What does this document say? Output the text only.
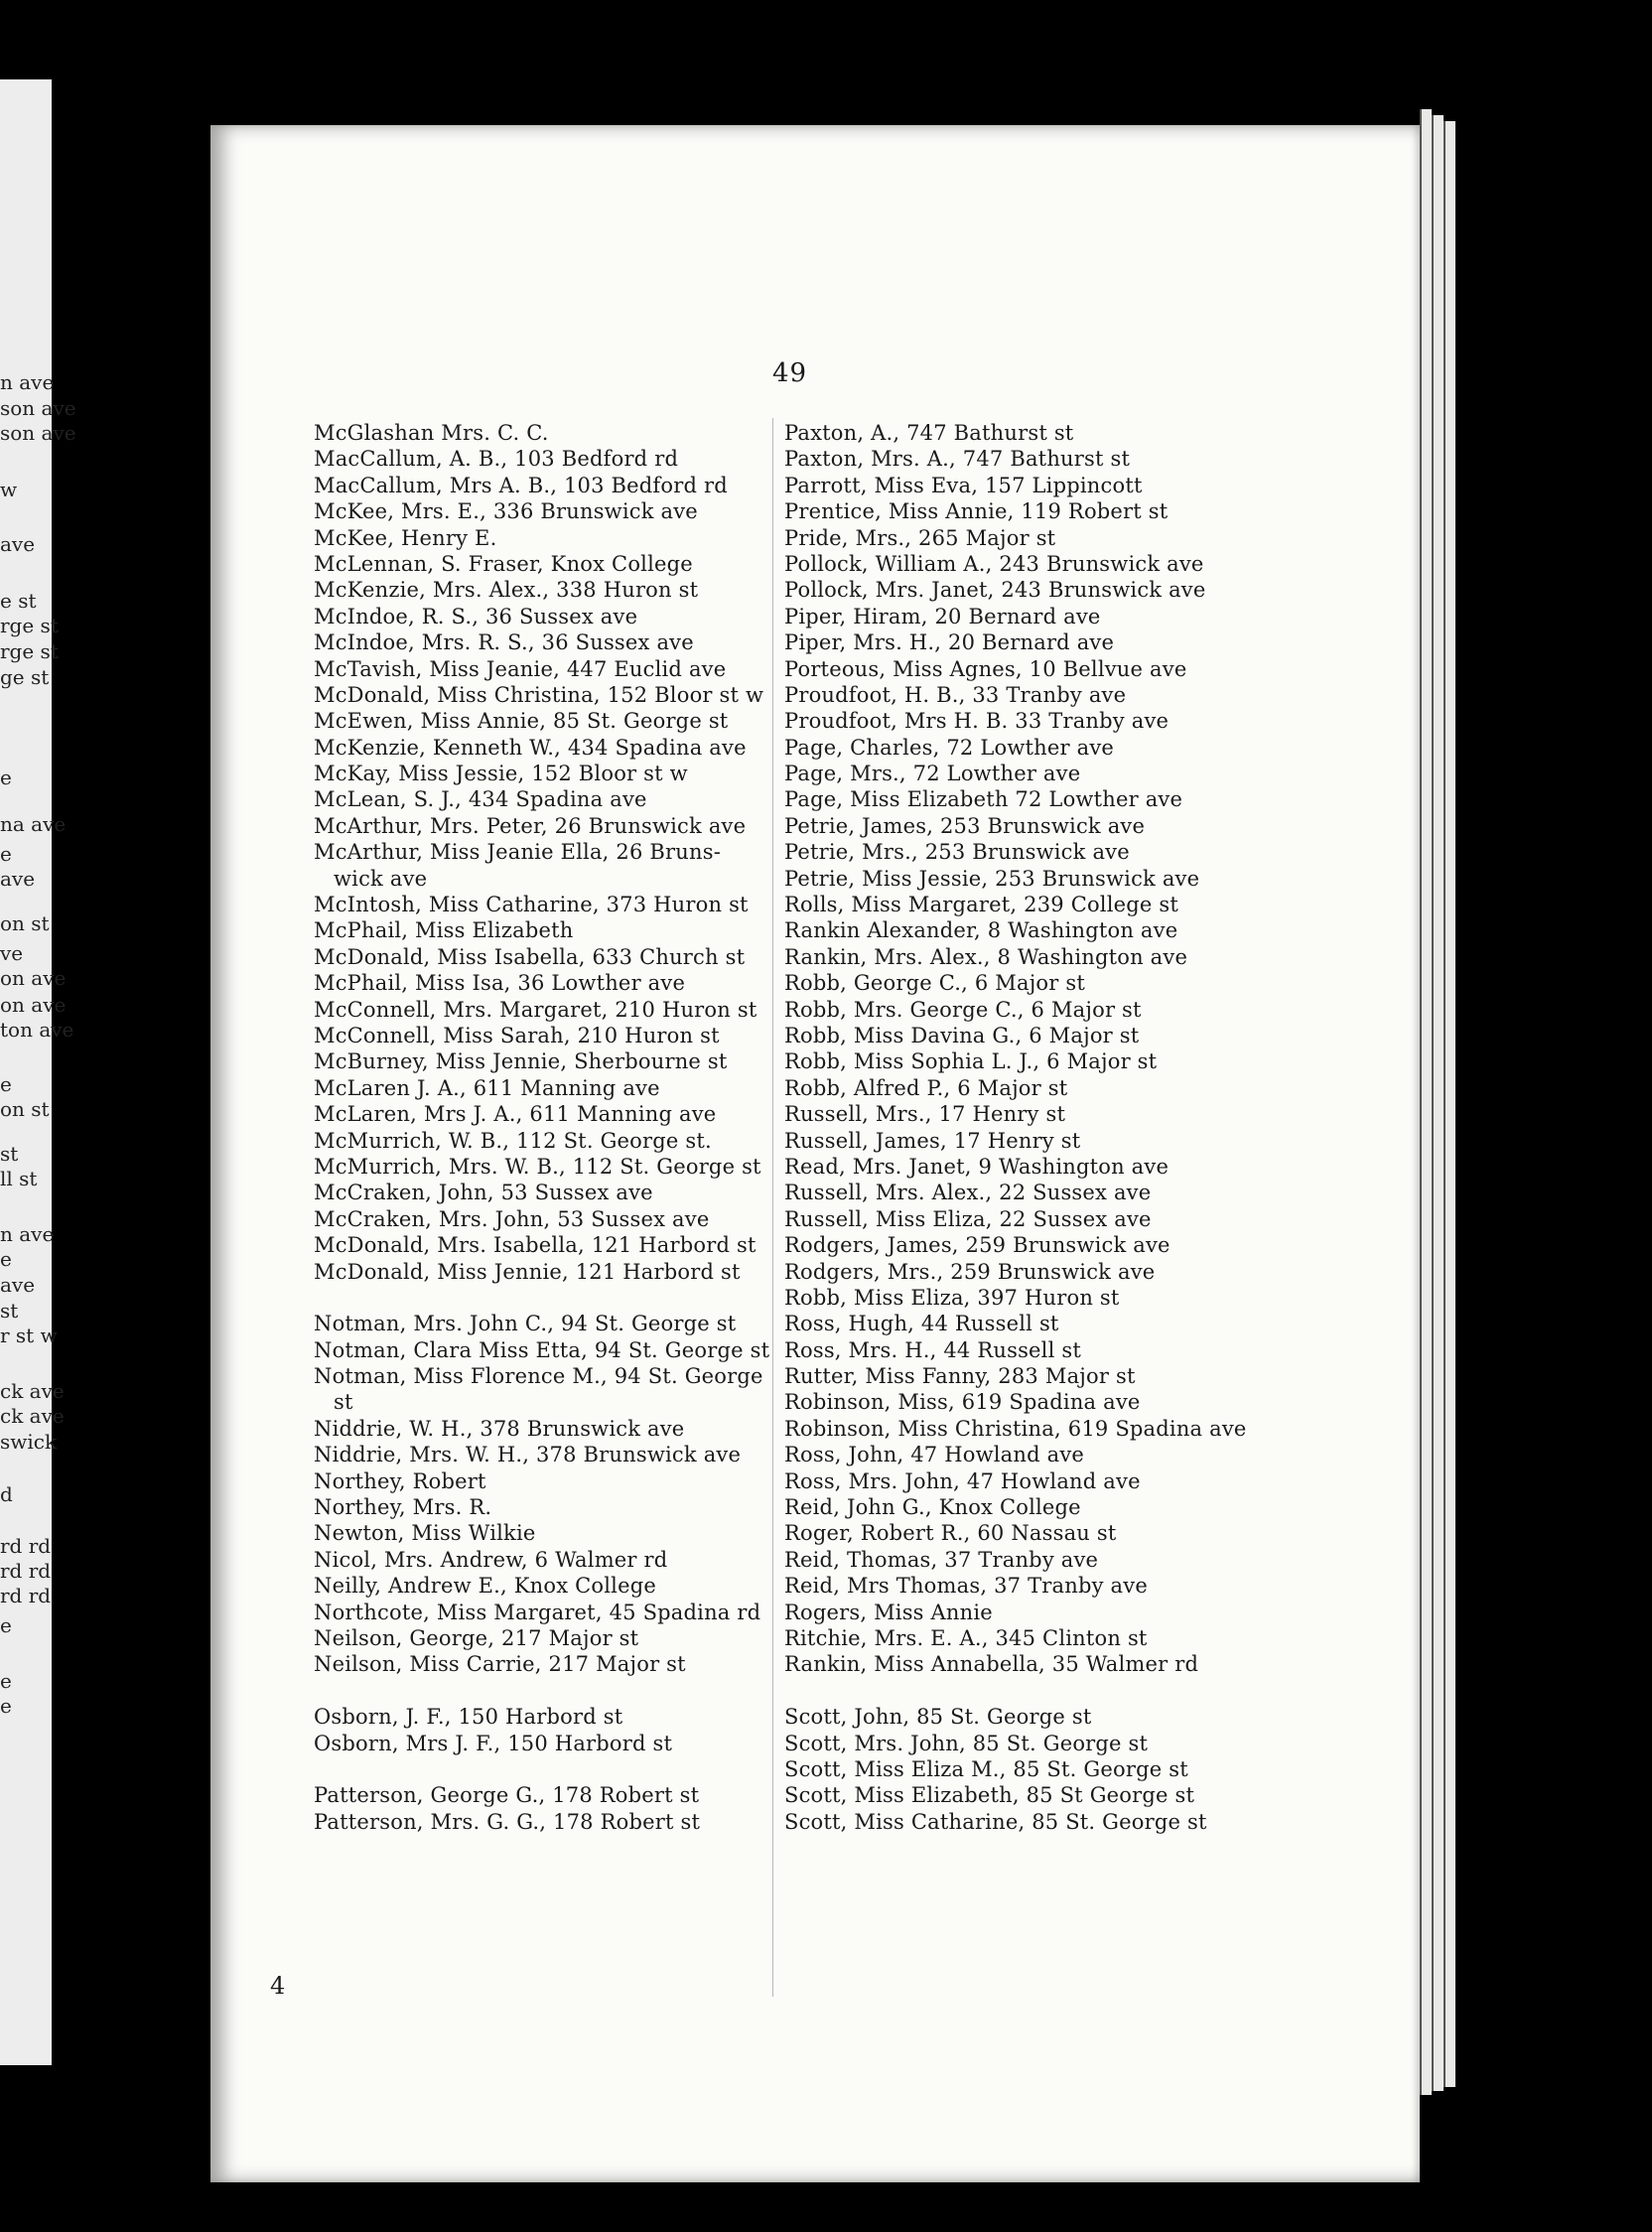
n ave
son ave
son ave
w
ave
e st
rge st
rge st
ge st
e
na ave
e
ave
on st
ve
on ave
on ave
ton ave
e
on st
st
ll st
n ave
e
ave
st
r st w
ck ave
ck ave
swick
d
rd rd
rd rd
rd rd
e
e
e
49
McGlashan Mrs. C. C.
MacCallum, A. B., 103 Bedford rd
MacCallum, Mrs A. B., 103 Bedford rd
McKee, Mrs. E., 336 Brunswick ave
McKee, Henry E.
McLennan, S. Fraser, Knox College
McKenzie, Mrs. Alex., 338 Huron st
McIndoe, R. S., 36 Sussex ave
McIndoe, Mrs. R. S., 36 Sussex ave
McTavish, Miss Jeanie, 447 Euclid ave
McDonald, Miss Christina, 152 Bloor st w
McEwen, Miss Annie, 85 St. George st
McKenzie, Kenneth W., 434 Spadina ave
McKay, Miss Jessie, 152 Bloor st w
McLean, S. J., 434 Spadina ave
McArthur, Mrs. Peter, 26 Brunswick ave
McArthur, Miss Jeanie Ella, 26 Bruns-
wick ave
McIntosh, Miss Catharine, 373 Huron st
McPhail, Miss Elizabeth
McDonald, Miss Isabella, 633 Church st
McPhail, Miss Isa, 36 Lowther ave
McConnell, Mrs. Margaret, 210 Huron st
McConnell, Miss Sarah, 210 Huron st
McBurney, Miss Jennie, Sherbourne st
McLaren J. A., 611 Manning ave
McLaren, Mrs J. A., 611 Manning ave
McMurrich, W. B., 112 St. George st.
McMurrich, Mrs. W. B., 112 St. George st
McCraken, John, 53 Sussex ave
McCraken, Mrs. John, 53 Sussex ave
McDonald, Mrs. Isabella, 121 Harbord st
McDonald, Miss Jennie, 121 Harbord st
Notman, Mrs. John C., 94 St. George st
Notman, Clara Miss Etta, 94 St. George st
Notman, Miss Florence M., 94 St. George
st
Niddrie, W. H., 378 Brunswick ave
Niddrie, Mrs. W. H., 378 Brunswick ave
Northey, Robert
Northey, Mrs. R.
Newton, Miss Wilkie
Nicol, Mrs. Andrew, 6 Walmer rd
Neilly, Andrew E., Knox College
Northcote, Miss Margaret, 45 Spadina rd
Neilson, George, 217 Major st
Neilson, Miss Carrie, 217 Major st
Osborn, J. F., 150 Harbord st
Osborn, Mrs J. F., 150 Harbord st
Patterson, George G., 178 Robert st
Patterson, Mrs. G. G., 178 Robert st
Paxton, A., 747 Bathurst st
Paxton, Mrs. A., 747 Bathurst st
Parrott, Miss Eva, 157 Lippincott
Prentice, Miss Annie, 119 Robert st
Pride, Mrs., 265 Major st
Pollock, William A., 243 Brunswick ave
Pollock, Mrs. Janet, 243 Brunswick ave
Piper, Hiram, 20 Bernard ave
Piper, Mrs. H., 20 Bernard ave
Porteous, Miss Agnes, 10 Bellvue ave
Proudfoot, H. B., 33 Tranby ave
Proudfoot, Mrs H. B. 33 Tranby ave
Page, Charles, 72 Lowther ave
Page, Mrs., 72 Lowther ave
Page, Miss Elizabeth 72 Lowther ave
Petrie, James, 253 Brunswick ave
Petrie, Mrs., 253 Brunswick ave
Petrie, Miss Jessie, 253 Brunswick ave
Rolls, Miss Margaret, 239 College st
Rankin Alexander, 8 Washington ave
Rankin, Mrs. Alex., 8 Washington ave
Robb, George C., 6 Major st
Robb, Mrs. George C., 6 Major st
Robb, Miss Davina G., 6 Major st
Robb, Miss Sophia L. J., 6 Major st
Robb, Alfred P., 6 Major st
Russell, Mrs., 17 Henry st
Russell, James, 17 Henry st
Read, Mrs. Janet, 9 Washington ave
Russell, Mrs. Alex., 22 Sussex ave
Russell, Miss Eliza, 22 Sussex ave
Rodgers, James, 259 Brunswick ave
Rodgers, Mrs., 259 Brunswick ave
Robb, Miss Eliza, 397 Huron st
Ross, Hugh, 44 Russell st
Ross, Mrs. H., 44 Russell st
Rutter, Miss Fanny, 283 Major st
Robinson, Miss, 619 Spadina ave
Robinson, Miss Christina, 619 Spadina ave
Ross, John, 47 Howland ave
Ross, Mrs. John, 47 Howland ave
Reid, John G., Knox College
Roger, Robert R., 60 Nassau st
Reid, Thomas, 37 Tranby ave
Reid, Mrs Thomas, 37 Tranby ave
Rogers, Miss Annie
Ritchie, Mrs. E. A., 345 Clinton st
Rankin, Miss Annabella, 35 Walmer rd
Scott, John, 85 St. George st
Scott, Mrs. John, 85 St. George st
Scott, Miss Eliza M., 85 St. George st
Scott, Miss Elizabeth, 85 St George st
Scott, Miss Catharine, 85 St. George st
4
